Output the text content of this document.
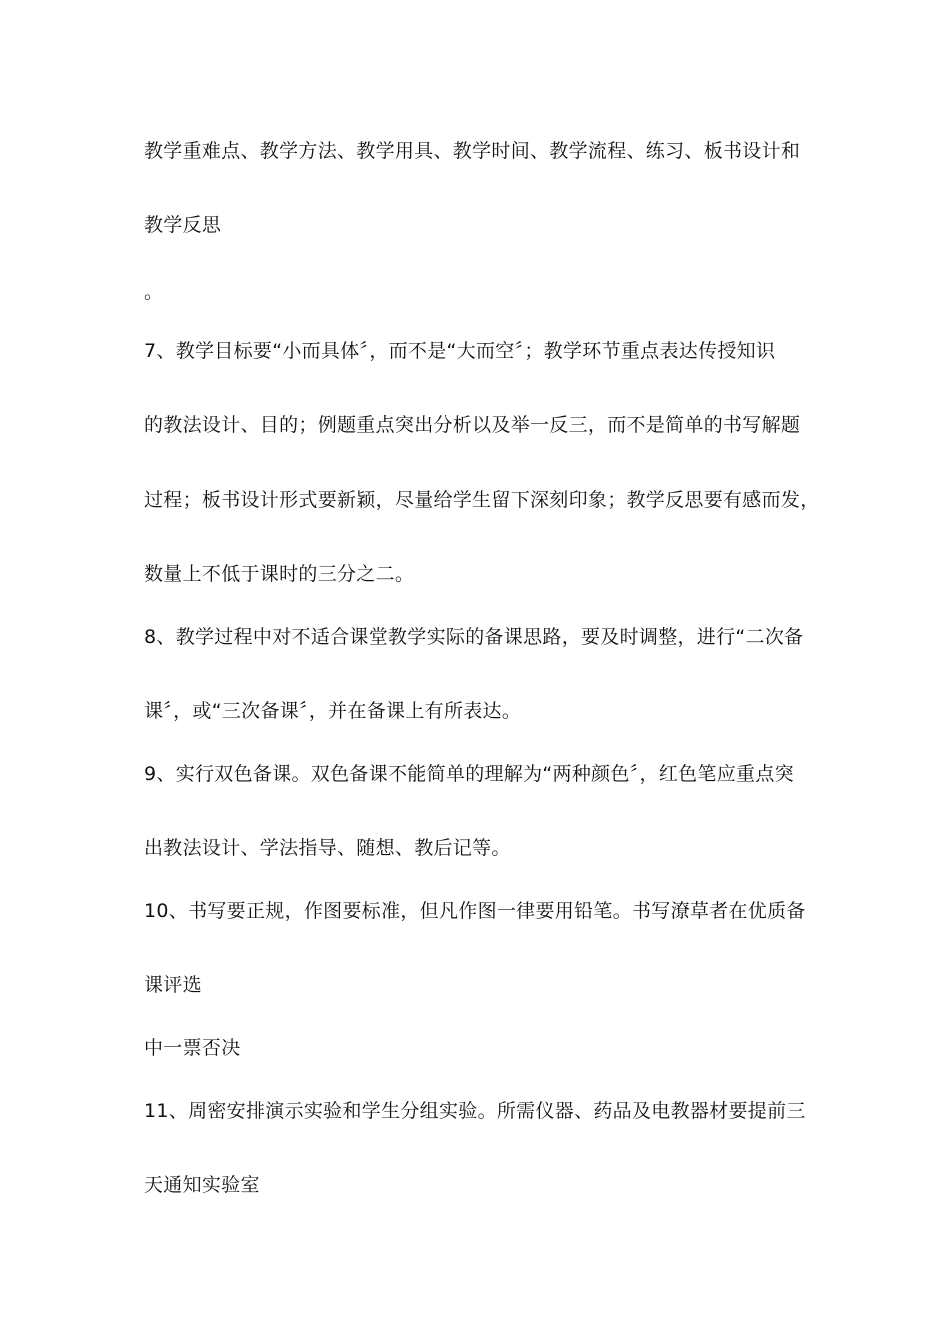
教学重难点、教学方法、教学用具、教学时间、教学流程、练习、板书设计和
教学反思
。
7、教学目标要“小而具体〞，而不是“大而空〞；教学环节重点表达传授知识
的教法设计、目的；例题重点突出分析以及举一反三，而不是简单的书写解题
过程；板书设计形式要新颖，尽量给学生留下深刻印象；教学反思要有感而发，
数量上不低于课时的三分之二。
8、教学过程中对不适合课堂教学实际的备课思路，要及时调整，进行“二次备
课〞，或“三次备课〞，并在备课上有所表达。
9、实行双色备课。双色备课不能简单的理解为“两种颜色〞，红色笔应重点突
出教法设计、学法指导、随想、教后记等。
10、书写要正规，作图要标准，但凡作图一律要用铅笔。书写潦草者在优质备
课评选
中一票否决
11、周密安排演示实验和学生分组实验。所需仪器、药品及电教器材要提前三
天通知实验室
